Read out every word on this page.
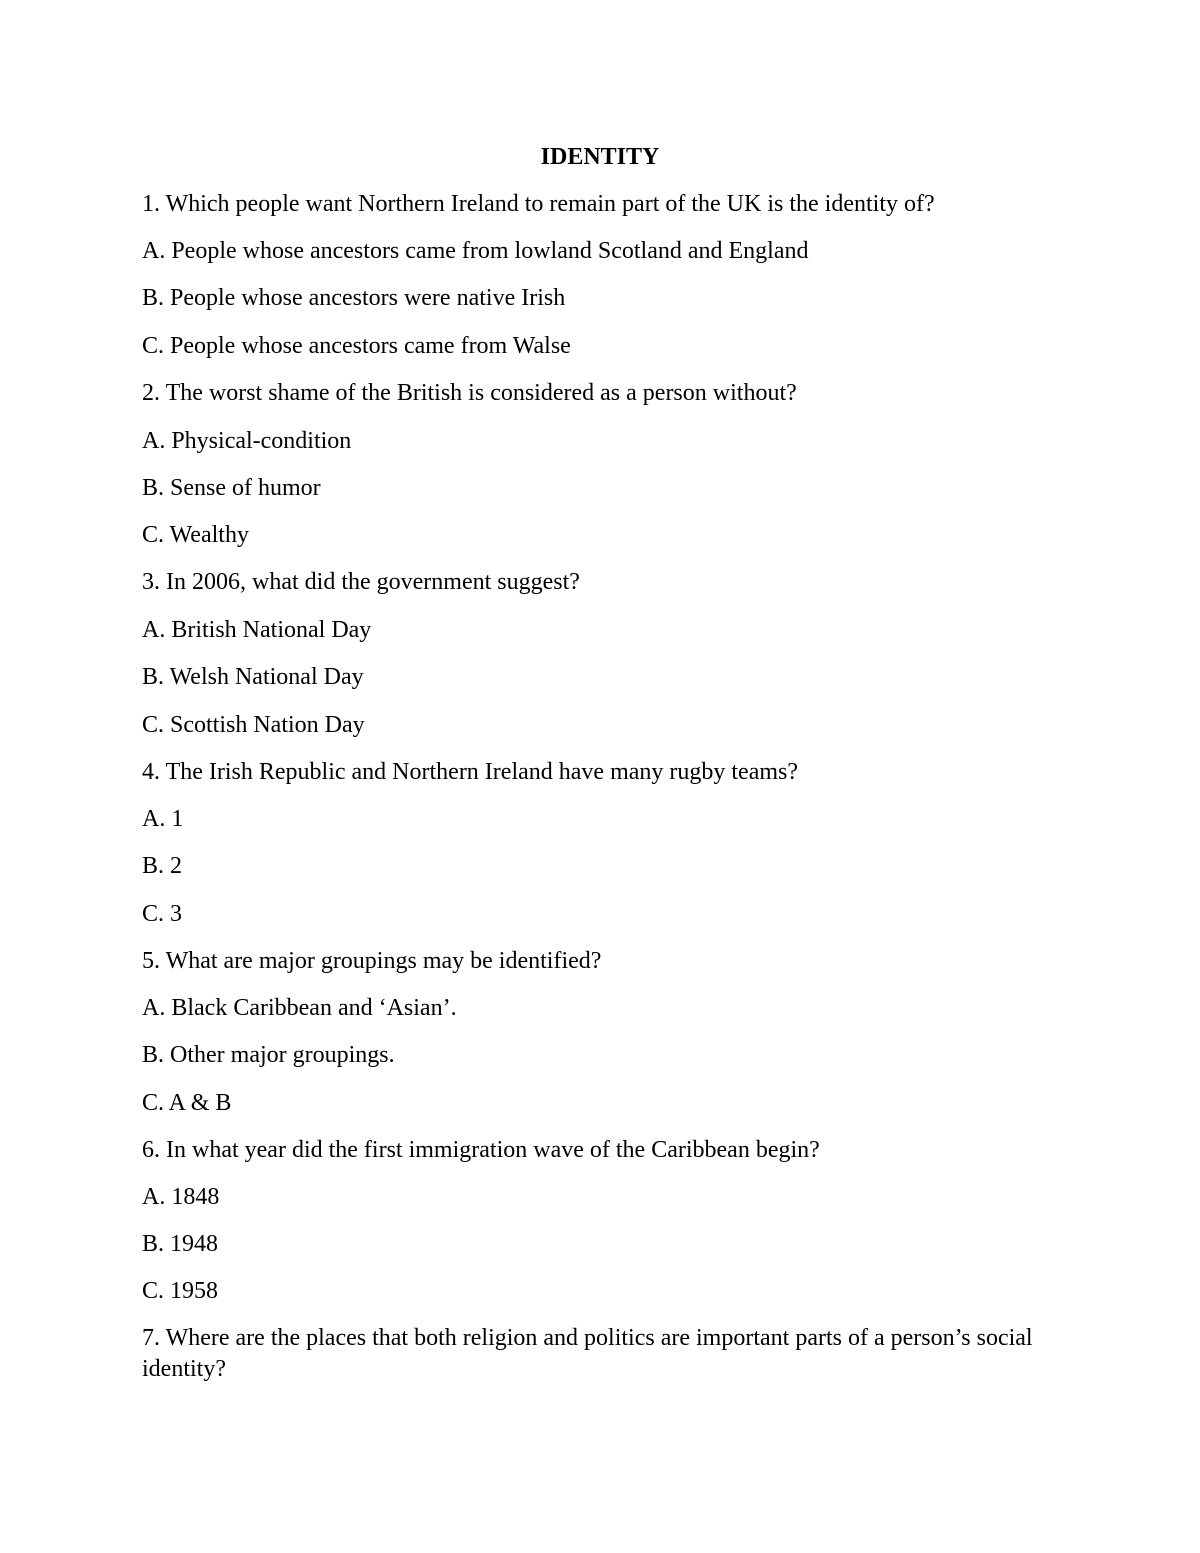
IDENTITY
1. Which people want Northern Ireland to remain part of the UK is the identity of?
A. People whose ancestors came from lowland Scotland and England
B. People whose ancestors were native Irish
C. People whose ancestors came from Walse
2. The worst shame of the British is considered as a person without?
A. Physical-condition
B. Sense of humor
C. Wealthy
3. In 2006, what did the government suggest?
A. British National Day
B. Welsh National Day
C. Scottish Nation Day
4. The Irish Republic and Northern Ireland have many rugby teams?
A. 1
B. 2
C. 3
5. What are major groupings may be identified?
A. Black Caribbean and ‘Asian’.
B. Other major groupings.
C. A & B
6. In what year did the first immigration wave of the Caribbean begin?
A. 1848
B. 1948
C. 1958
7. Where are the places that both religion and politics are important parts of a person’s social identity?
